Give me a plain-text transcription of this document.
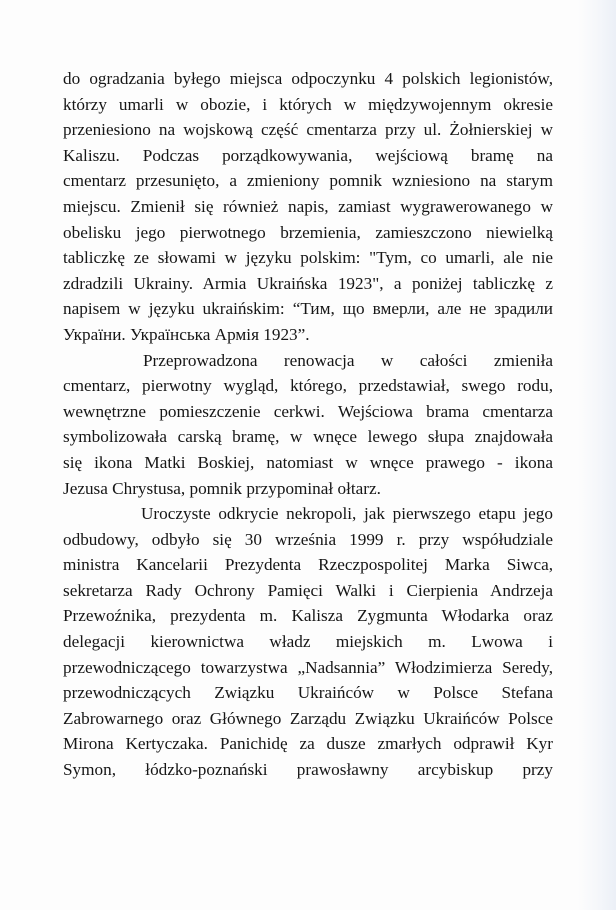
do ogradzania byłego miejsca odpoczynku 4 polskich legionistów,
którzy umarli w obozie, i których w międzywojennym okresie
przeniesiono na wojskową część cmentarza przy ul. Żołnierskiej w
Kaliszu. Podczas porządkowywania, wejściową bramę na
cmentarz przesunięto, a zmieniony pomnik wzniesiono na starym
miejscu. Zmienił się również napis, zamiast wygrawerowanego w
obelisku jego pierwotnego brzemienia, zamieszczono niewielką
tabliczkę ze słowami w języku polskim: "Tym, co umarli, ale nie
zdradzili Ukrainy. Armia Ukraińska 1923", a poniżej tabliczkę z
napisem w języku ukraińskim: “Тим, що вмерли, але не зрадили
України. Українська Армія 1923”.

Przeprowadzona renowacja w całości zmieniła
cmentarz, pierwotny wygląd, którego, przedstawiał, swego rodu,
wewnętrzne pomieszczenie cerkwi. Wejściowa brama cmentarza
symbolizowała carską bramę, w wnęce lewego słupa znajdowała
się ikona Matki Boskiej, natomiast w wnęce prawego - ikona
Jezusa Chrystusa, pomnik przypominał ołtarz.

Uroczyste odkrycie nekropoli, jak pierwszego etapu jego
odbudowy, odbyło się 30 września 1999 r. przy współudziale
ministra Kancelarii Prezydenta Rzeczpospolitej Marka Siwca,
sekretarza Rady Ochrony Pamięci Walki i Cierpienia Andrzeja
Przewoźnika, prezydenta m. Kalisza Zygmunta Włodarka oraz
delegacji kierownictwa władz miejskich m. Lwowa i
przewodniczącego towarzystwa „Nadsannia” Włodzimierza Seredy,
przewodniczących Związku Ukraińców w Polsce Stefana
Zabrowarnego oraz Głównego Zarządu Związku Ukraińców Polsce
Mirona Kertyczaka. Panichidę za dusze zmarłych odprawił Kyr
Symon, łódzko-poznański prawosławny arcybiskup przy
